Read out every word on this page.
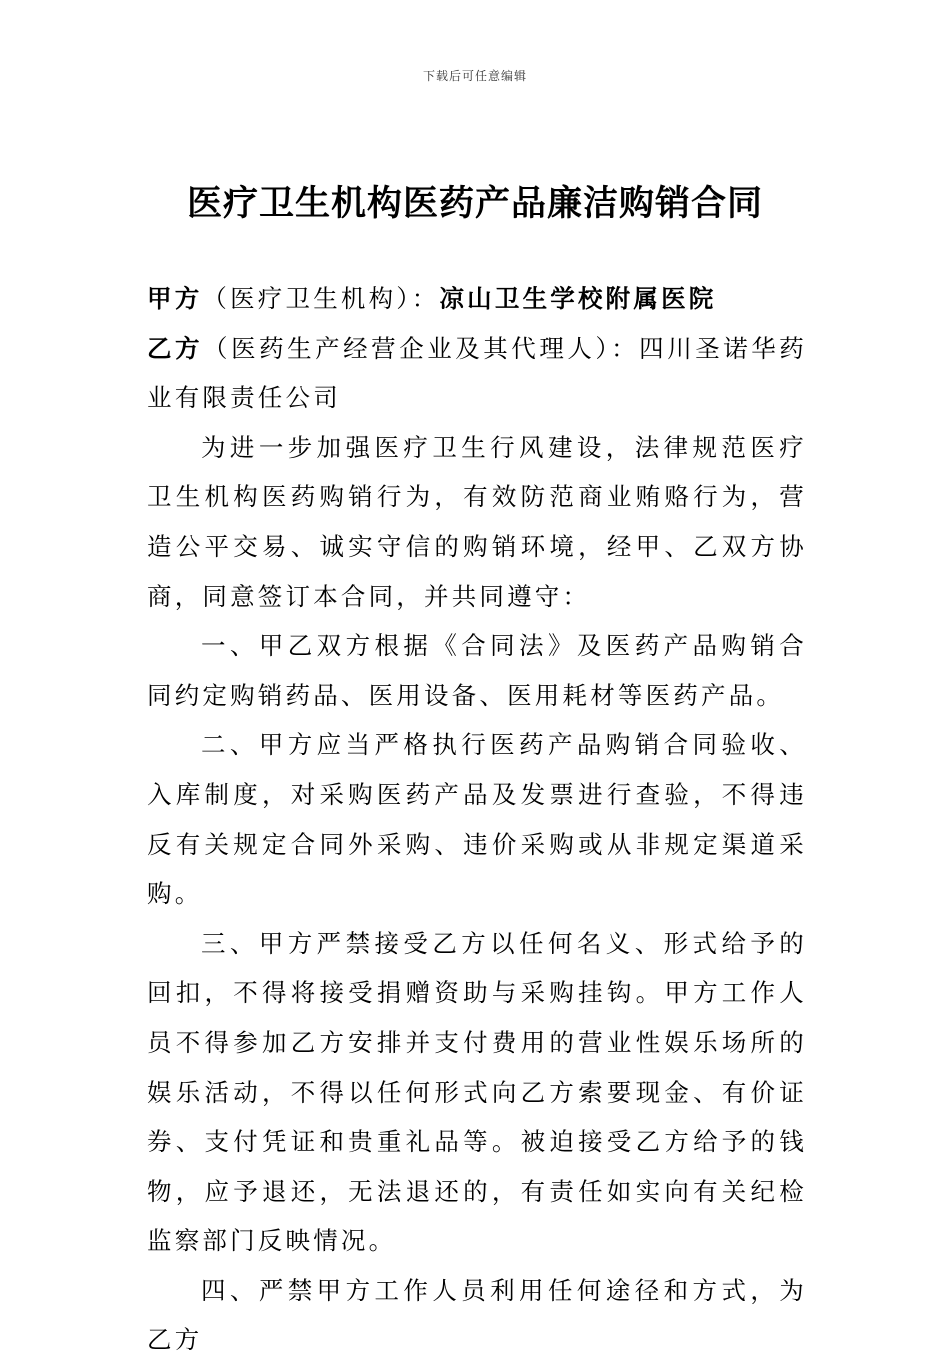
下载后可任意编辑
医疗卫生机构医药产品廉洁购销合同

甲方（医疗卫生机构）：凉山卫生学校附属医院

乙方（医药生产经营企业及其代理人）：四川圣诺华药业有限责任公司

为进一步加强医疗卫生行风建设，法律规范医疗卫生机构医药购销行为，有效防范商业贿赂行为，营造公平交易、诚实守信的购销环境，经甲、乙双方协商，同意签订本合同，并共同遵守：

一、甲乙双方根据《合同法》及医药产品购销合同约定购销药品、医用设备、医用耗材等医药产品。

二、甲方应当严格执行医药产品购销合同验收、入库制度，对采购医药产品及发票进行查验，不得违反有关规定合同外采购、违价采购或从非规定渠道采购。

三、甲方严禁接受乙方以任何名义、形式给予的回扣，不得将接受捐赠资助与采购挂钩。甲方工作人员不得参加乙方安排并支付费用的营业性娱乐场所的娱乐活动，不得以任何形式向乙方索要现金、有价证券、支付凭证和贵重礼品等。被迫接受乙方给予的钱物，应予退还，无法退还的，有责任如实向有关纪检监察部门反映情况。

四、严禁甲方工作人员利用任何途径和方式，为乙方
